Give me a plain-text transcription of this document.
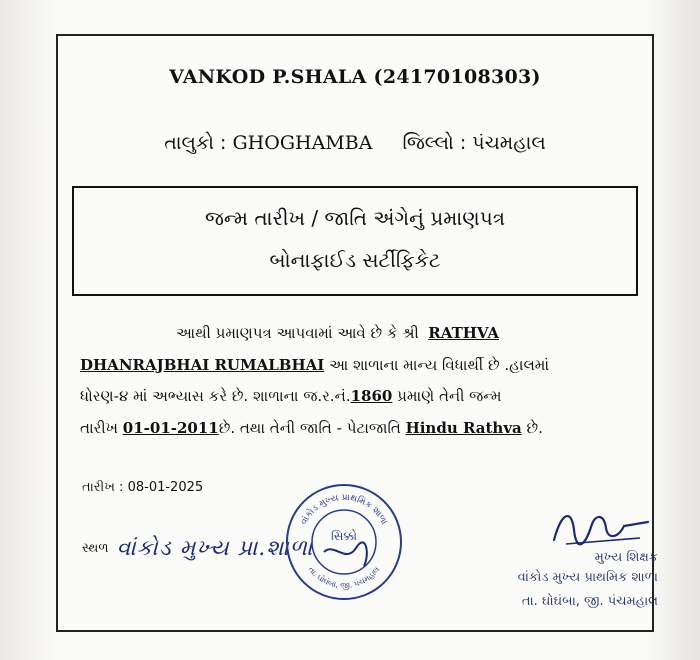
VANKOD P.SHALA (24170108303)
તાલુકો : GHOGHAMBA જિલ્લો : પંચમહાલ
જન્મ તારીખ / જાતિ અંગેનું પ્રમાણપત્ર
બોનાફાઈડ સર્ટીફિકેટ
આથી પ્રમાણપત્ર આપવામાં આવે છે કે શ્રી RATHVA
DHANRAJBHAI RUMALBHAI આ શાળાના માન્ય વિધાર્થી છે .હાલમાં
ધોરણ-૪ માં અભ્યાસ કરે છે. શાળાના જ.ર.નં.1860 પ્રમાણે તેની જન્મ
તારીખ 01-01-2011છે. તથા તેની જાતિ - પેટાજાતિ Hindu Rathva છે.
તારીખ : 08-01-2025
સ્થળ વાંકોડ મુખ્ય પ્રા.શાળા
વાંકોડ મુખ્ય પ્રાથમિક શાળા
તા. ઘોઘંબા, જી. પંચમહાલ
સિક્કો
મુખ્ય શિક્ષક
વાંકોડ મુખ્ય પ્રાથમિક શાળા
તા. ઘોઘંબા, જી. પંચમહાલ
